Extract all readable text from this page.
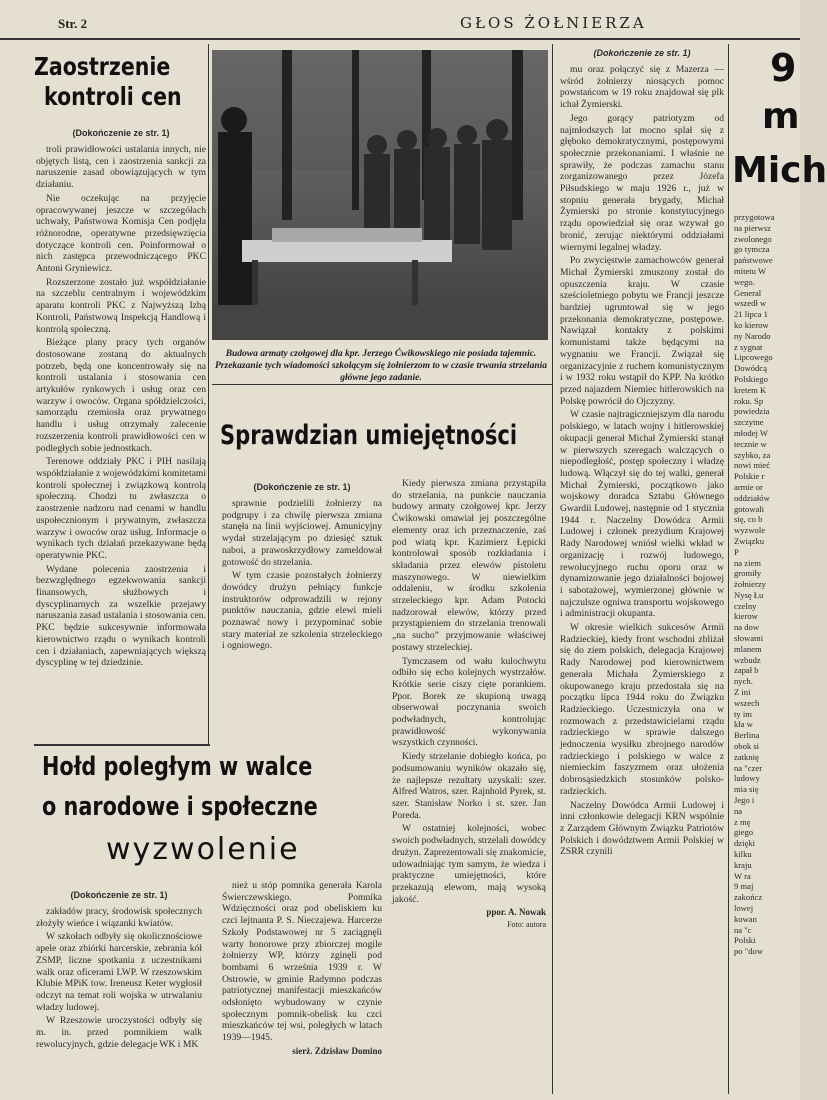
Str. 2	GŁOS ŻOŁNIERZA
Zaostrzenie
kontroli cen
(Dokończenie ze str. 1)

troli prawidłowości ustalania innych, nie objętych listą, cen i zaostrzenia sankcji za naruszenie zasad obowiązujących w tym działaniu.

Nie oczekując na przyjęcie opracowywanej jeszcze w szczegółach uchwały, Państwowa Komisja Cen podjęła różnorodne, operatywne przedsięwzięcia dotyczące kontroli cen. Poinformował o nich zastępca przewodniczącego PKC Antoni Gryniewicz.

Rozszerzone zostało już współdziałanie na szczeblu centralnym i wojewódzkim aparatu kontroli PKC z Najwyższą Izbą Kontroli, Państwową Inspekcją Handlową i kontrolą społeczną.

Bieżące plany pracy tych organów dostosowane zostaną do aktualnych potrzeb, będą one koncentrowały się na kontroli ustalania i stosowania cen artykułów rynkowych i usług oraz cen warzyw i owoców. Organa spółdzielczości, samorządu rzemiosła oraz prywatnego handlu i usług otrzymały zalecenie rozszerzenia kontroli prawidłowości cen w podległych sobie jednostkach.

Terenowe oddziały PKC i PIH nasilają współdziałanie z wojewódzkimi komitetami kontroli społecznej i związkową kontrolą społeczną. Chodzi tu zwłaszcza o zaostrzenie nadzoru nad cenami w handlu uspołecznionym i prywatnym, zwłaszcza warzyw i owoców oraz usług. Informacje o wynikach tych działań przekazywane będą operatywnie PKC.

Wydane polecenia zaostrzenia i bezwzględnego egzekwowania sankcji finansowych, służbowych i dyscyplinarnych za wszelkie przejawy naruszania zasad ustalania i stosowania cen. PKC będzie sukcesywnie informowała kierownictwo rządu o wynikach kontroli cen i działaniach, zapewniających większą dyscyplinę w tej dziedzinie.

Budowa armaty czołgowej dla kpr. Jerzego Ćwikowskiego nie posiada tajemnic. Przekazanie tych wiadomości szkolącym się żołnierzom to w czasie trwania strzelania główne jego zadanie.
Sprawdzian umiejętności
(Dokończenie ze str. 1)

sprawnie podzielili żołnierzy na podgrupy i za chwilę pierwsza zmiana stanęła na linii wyjściowej. Amunicyjny wydał strzelającym po dziesięć sztuk naboi, a prawoskrzydłowy zameldował gotowość do strzelania.

W tym czasie pozostałych żołnierzy dowódcy drużyn pełniący funkcje instruktorów odprowadzili w rejony punktów nauczania, gdzie elewi mieli poznawać nowy i przypominać sobie stary materiał ze szkolenia strzeleckiego i ogniowego.

Kiedy pierwsza zmiana przystąpiła do strzelania, na punkcie nauczania budowy armaty czołgowej kpr. Jerzy Ćwikowski omawiał jej poszczególne elementy oraz ich przeznaczenie, zaś pod wiatą kpr. Kazimierz Łępicki kontrolował sposób rozkładania i składania przez elewów pistoletu maszynowego. W niewielkim oddaleniu, w środku szkolenia strzeleckiego kpr. Adam Potocki nadzorował elewów, którzy przed przystąpieniem do strzelania trenowali „na sucho” przyjmowanie właściwej postawy strzeleckiej.

Tymczasem od wału kulochwytu odbiło się echo kolejnych wystrzałów. Krótkie serie ciszy cięte porankiem. Ppor. Borek ze skupioną uwagą obserwował poczynania swoich podwładnych, kontrolując prawidłowość wykonywania wszystkich czynności.

Kiedy strzelanie dobiegło końca, po podsumowaniu wyników okazało się, że najlepsze rezultaty uzyskali: szer. Alfred Watros, szer. Rajnhold Pyrek, st. szer. Stanisław Norko i st. szer. Jan Poreda.

W ostatniej kolejności, wobec swoich podwładnych, strzelali dowódcy drużyn. Zaprezentowali się znakomicie, udowadniając tym samym, że wiedza i praktyczne umiejętności, które przekazują elewom, mają wysoką jakość.

ppor. A. Nowak
Foto: autora
Hołd poległym w walce
o narodowe i społeczne
wyzwolenie
(Dokończenie ze str. 1)

zakładów pracy, środowisk społecznych złożyły wieńce i wiązanki kwiatów.

W szkołach odbyły się okolicznościowe apele oraz zbiórki harcerskie, zebrania kół ZSMP, liczne spotkania z uczestnikami walk oraz oficerami LWP. W rzeszowskim Klubie MPiK tow. Ireneusz Keter wygłosił odczyt na temat roli wojska w utrwalaniu władzy ludowej.

W Rzeszowie uroczystości odbyły się m. in. przed pomnikiem walk rewolucyjnych, gdzie delegacje WK i MK

nież u stóp pomnika generała Karola Świerczewskiego. Pomnika Wdzięczności oraz pod obeliskiem ku czci lejtnanta P. S. Nieczajewa. Harcerze Szkoły Podstawowej nr 5 zaciągnęli warty honorowe przy zbiorczej mogile żołnierzy WP, którzy zginęli pod bombami 6 września 1939 r. W Ostrowie, w gminie Radymno podczas patriotycznej manifestacji mieszkańców odsłonięto wybudowany w czynie społecznym pomnik-obelisk ku czci mieszkańców tej wsi, poległych w latach 1939—1945.

sierż. Zdzisław Domino
(Dokończenie ze str. 1)

mu oraz połączyć się z Mazerza — wśród żołnierzy niosących pomoc powstańcom w 19 roku znajdował się plk ichał Żymierski.

Jego gorący patriotyzm od najmłodszych lat mocno splał się z głęboko demokratycznymi, postępowymi społecznie przekonaniami. I właśnie ne sprawiły, że podczas zamachu stanu zorganizowanego przez Józefa Piłsudskiego w maju 1926 r., już w stopniu generała brygady, Michał Żymierski po stronie konstytucyjnego rządu opowiedział się oraz wzywał go bronić, zerując niektórymi oddziałami wiernymi legalnej władzy.

Po zwycięstwie zamachowców generał Michał Żymierski zmuszony został do opuszczenia kraju. W czasie sześcioletniego pobytu we Francji jeszcze bardziej ugruntował się w jego przekonania demokratyczne, postępowe. Nawiązał kontakty z polskimi komunistami także będącymi na wygnaniu we Francji. Związał się organizacyjnie z ruchem komunistycznym i w 1932 roku wstąpił do KPP. Na krótko przed najazdem Niemiec hitlerowskich na Polskę powrócił do Ojczyzny.

W czasie najtragiczniejszym dla narodu polskiego, w latach wojny i hitlerowskiej okupacji generał Michał Żymierski stanął w pierwszych szeregach walczących o niepodległość, postęp społeczny i władzę ludową. Włączył się do tej walki, generał Michał Żymierski, początkowo jako wojskowy doradca Sztabu Głównego Gwardii Ludowej, następnie od 1 stycznia 1944 r. Naczelny Dowódca Armii Ludowej i członek prezydium Krajowej Rady Narodowej wniósł wielki wkład w organizację i rozwój ludowego, rewolucyjnego ruchu oporu oraz w dynamizowanie jego działalności bojowej i sabotażowej, wymierzonej głównie w najczulsze ogniwa transportu wojskowego i administracji okupanta.

W okresie wielkich sukcesów Armii Radzieckiej, kiedy front wschodni zbliżał się do ziem polskich, delegacja Krajowej Rady Narodowej pod kierownictwem generała Michała Żymierskiego z okupowanego kraju przedostała się na początku lipca 1944 roku do Związku Radzieckiego. Uczestniczyła ona w rozmowach z przedstawicielami rządu radzieckiego w sprawie dalszego jednoczenia wysiłku zbrojnego narodów radzieckiego i polskiego w walce z niemieckim faszyzmem oraz ułożenia dobrosąsiedzkich stosunków polsko-radzieckich.

Naczelny Dowódca Armii Ludowej i inni członkowie delegacji KRN wspólnie z Zarządem Głównym Związku Patriotów Polskich i dowództwem Armii Polskiej w ZSRR czynili

9
m
Mich
przygotowa
na pierwsz
zwolonego
go tymcza
państwowe
mitetu W
wego.
General
wszedł w
21 lipca 1
ko kierow
ny Narodo
z sygnat
Lipcowego
Dowódcą
Polskiego
kretem K
roku. Sp
powiedzia
szczytne
młodej W
tecznie w
szybko, za
nowi mieć
Polskie r
armie or
oddziałów
gotowali
się, co b
wyzwole
Związku
P
na ziem
gromiły
żołnierzy
Nysę Łu
czelny
kierow
na dow
słowami
mlanem
wzbudz
zapał b
nych.
Z ini
wszech
ty im
kła w
Berlina
obok si
zatknię
na "czer
ludowy
mia się
Jego i
na
z mę
giego
dzięki
kilku
kraju
W ra
9 maj
zakończ
lowej
kowan
na "c
Polski
po "dow
